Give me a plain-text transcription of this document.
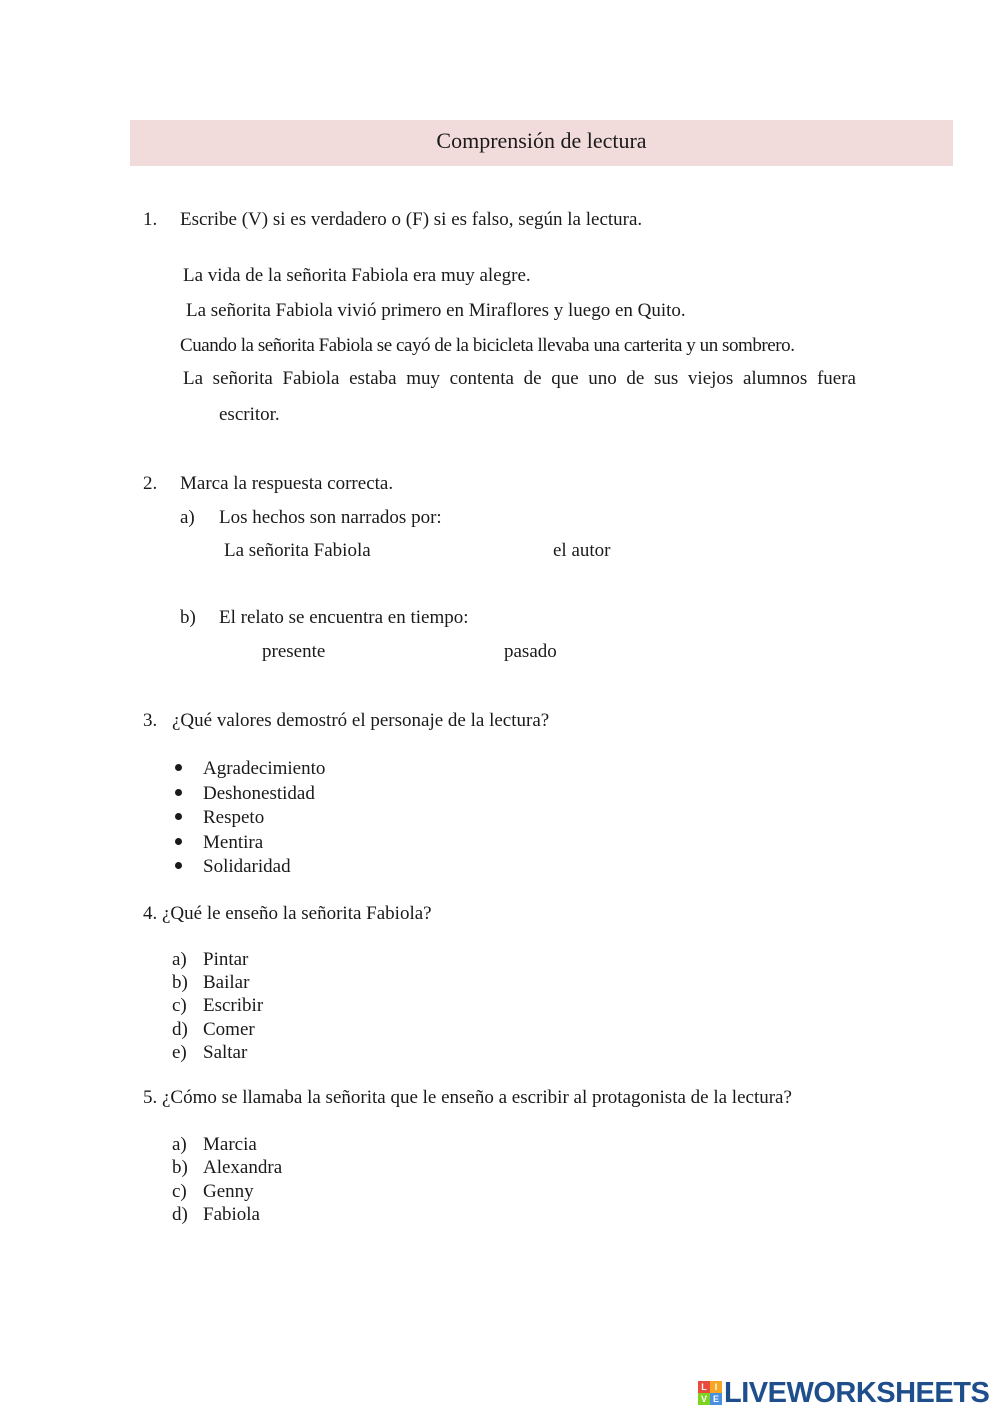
Comprensión de lectura
1. Escribe (V) si es verdadero o (F) si es falso, según la lectura.
La vida de la señorita Fabiola era muy alegre.
La señorita Fabiola vivió primero en Miraflores y luego en Quito.
Cuando la señorita Fabiola se cayó de la bicicleta llevaba una carterita y un sombrero.
La señorita Fabiola estaba muy contenta de que uno de sus viejos alumnos fuera
escritor.
2. Marca la respuesta correcta.
a) Los hechos son narrados por:
La señorita Fabiola	el autor
b) El relato se encuentra en tiempo:
presente	pasado
3. ¿Qué valores demostró el personaje de la lectura?
Agradecimiento
Deshonestidad
Respeto
Mentira
Solidaridad
4. ¿Qué le enseño la señorita Fabiola?
a) Pintar
b) Bailar
c) Escribir
d) Comer
e) Saltar
5. ¿Cómo se llamaba la señorita que le enseño a escribir al protagonista de la lectura?
a) Marcia
b) Alexandra
c) Genny
d) Fabiola
L I
V E LIVEWORKSHEETS
